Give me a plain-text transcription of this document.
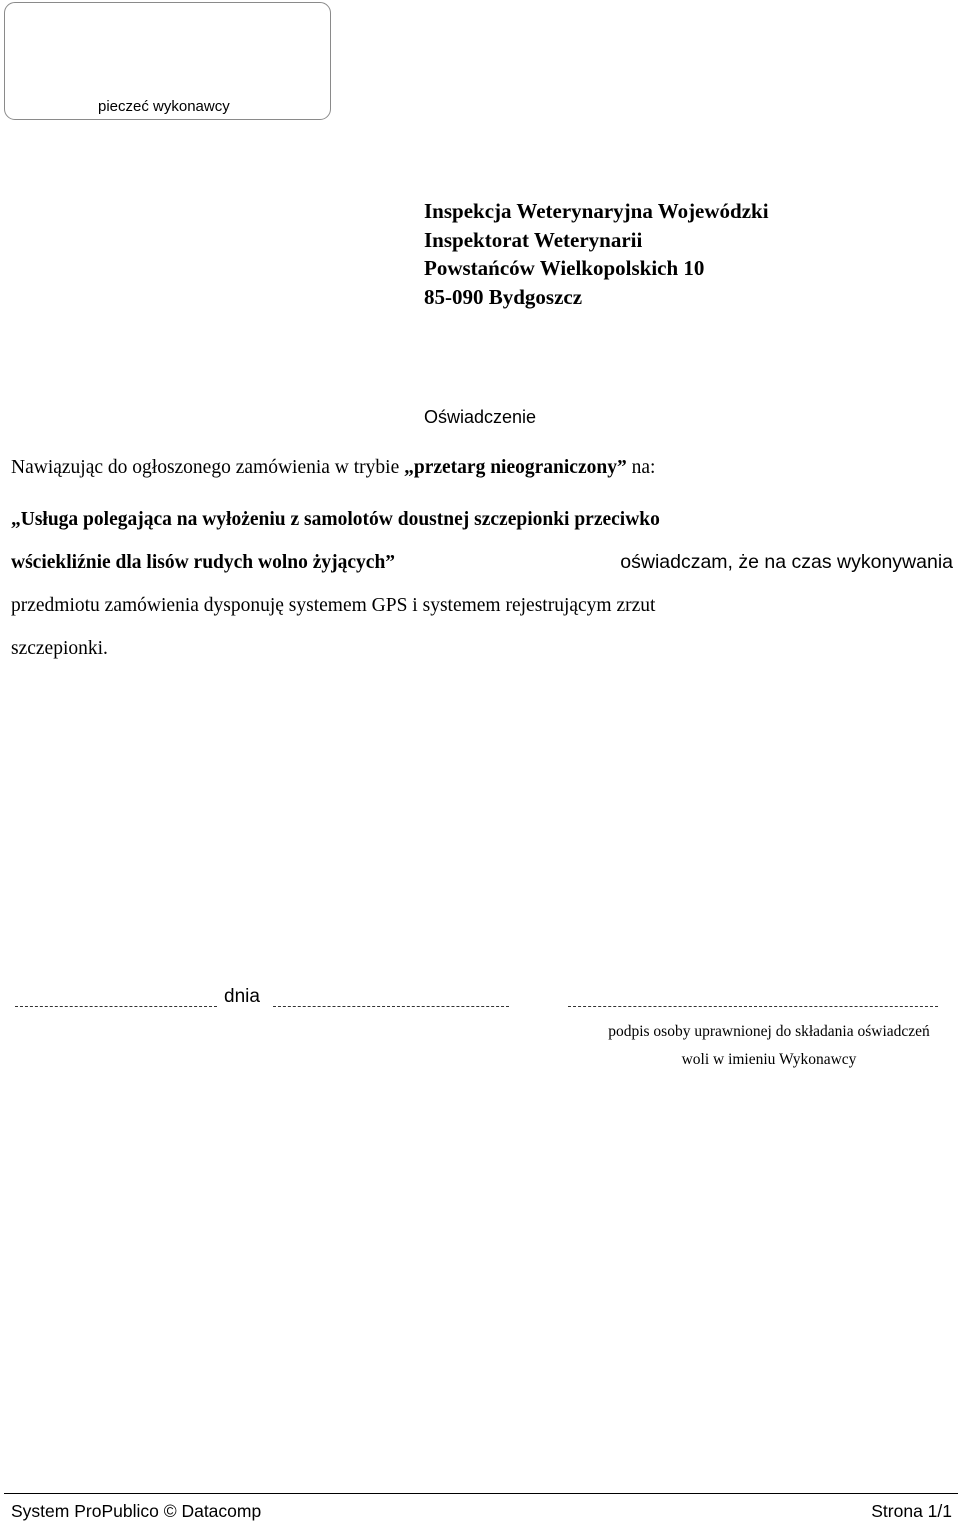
pieczeć wykonawcy
Inspekcja Weterynaryjna Wojewódzki
Inspektorat Weterynarii
Powstańców Wielkopolskich 10
85-090 Bydgoszcz
Oświadczenie
Nawiązując do ogłoszonego zamówienia w trybie „przetarg nieograniczony” na:
„Usługa polegająca na wyłożeniu z samolotów doustnej szczepionki przeciwko
wściekliźnie dla lisów rudych wolno żyjących”	oświadczam, że na czas wykonywania
przedmiotu zamówienia dysponuję systemem GPS i systemem rejestrującym zrzut
szczepionki.
dnia
podpis osoby uprawnionej do składania oświadczeń
woli w imieniu Wykonawcy
System ProPublico © Datacomp	Strona 1/1
